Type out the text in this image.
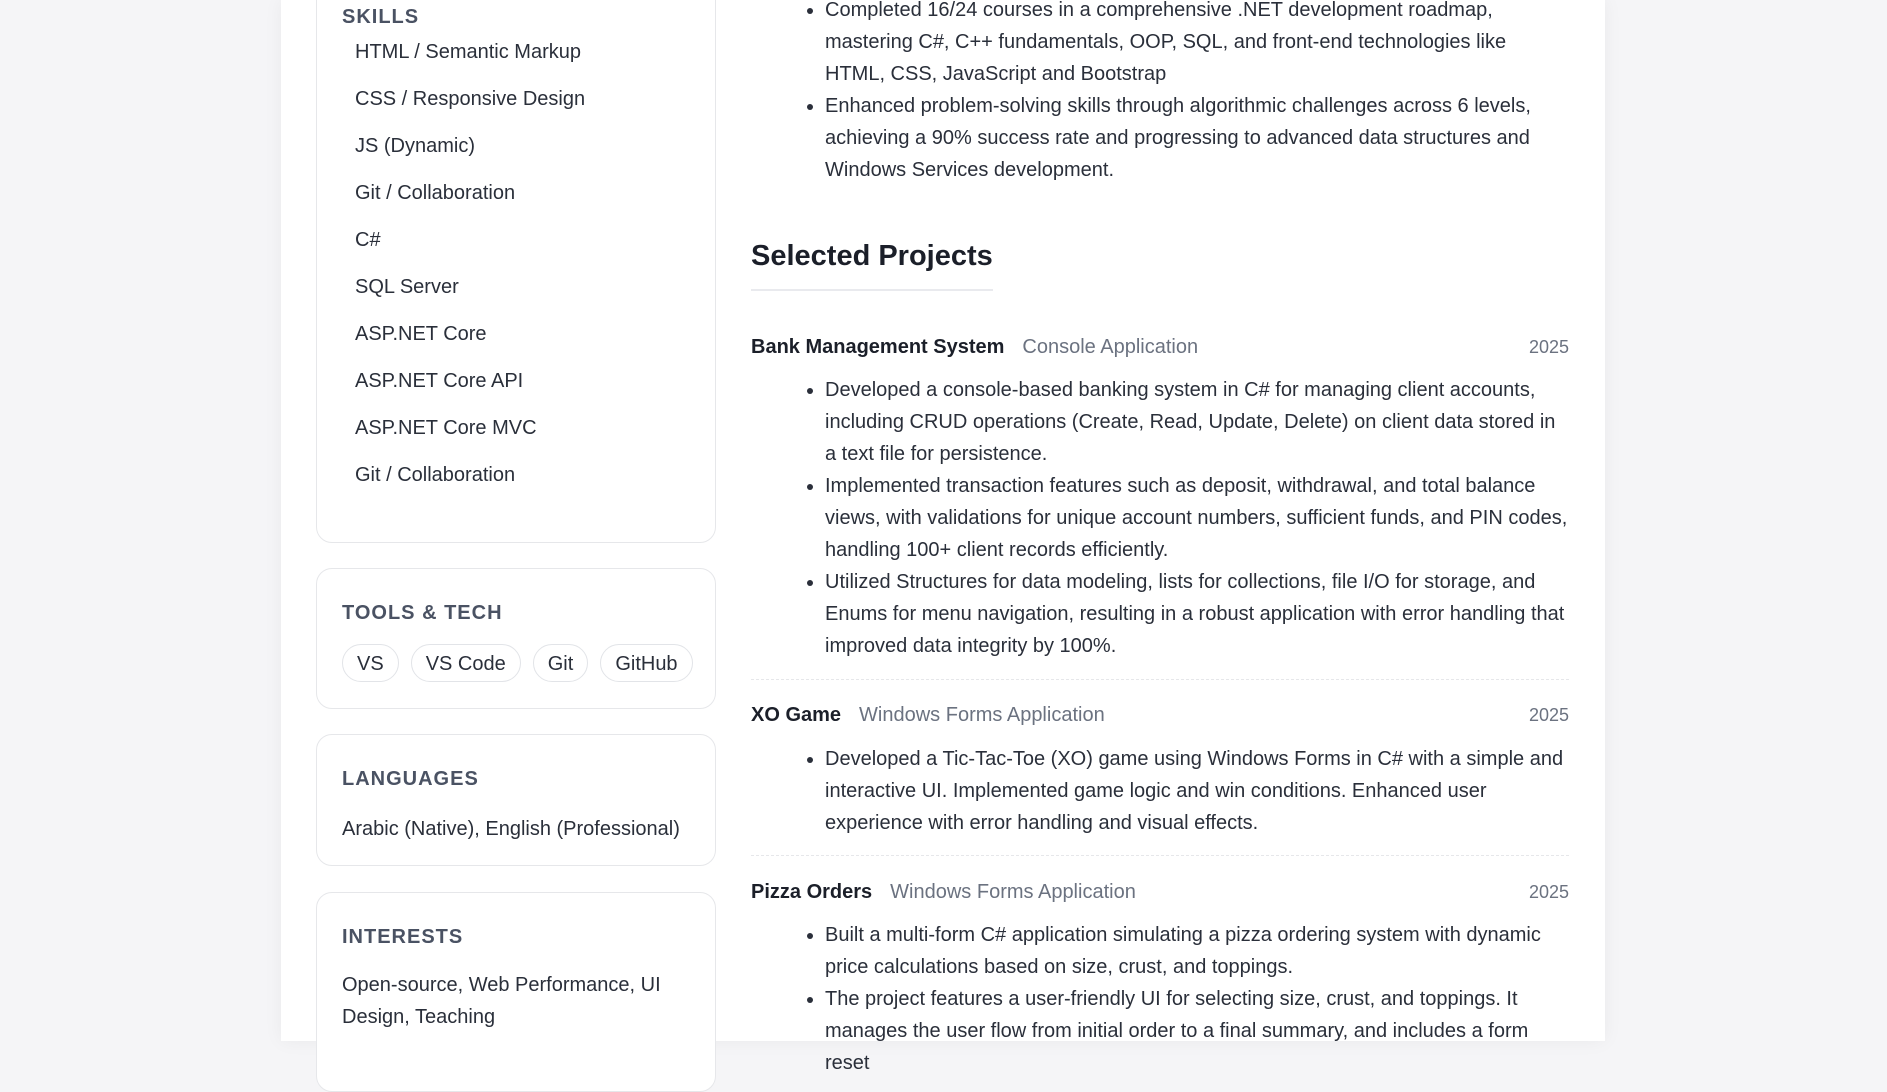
SKILLS
HTML / Semantic Markup
CSS / Responsive Design
JS (Dynamic)
Git / Collaboration
C#
SQL Server
ASP.NET Core
ASP.NET Core API
ASP.NET Core MVC
Git / Collaboration
TOOLS & TECH
VS	VS Code	Git	GitHub
LANGUAGES

Arabic (Native), English (Professional)

INTERESTS

Open-source, Web Performance, UI Design, Teaching

• Completed 16/24 courses in a comprehensive .NET development roadmap, mastering C#, C++ fundamentals, OOP, SQL, and front-end technologies like HTML, CSS, JavaScript and Bootstrap
• Enhanced problem-solving skills through algorithmic challenges across 6 levels, achieving a 90% success rate and progressing to advanced data structures and Windows Services development.
Selected Projects
Bank Management System Console Application	2025
• Developed a console-based banking system in C# for managing client accounts, including CRUD operations (Create, Read, Update, Delete) on client data stored in a text file for persistence.
• Implemented transaction features such as deposit, withdrawal, and total balance views, with validations for unique account numbers, sufficient funds, and PIN codes, handling 100+ client records efficiently.
• Utilized Structures for data modeling, lists for collections, file I/O for storage, and Enums for menu navigation, resulting in a robust application with error handling that improved data integrity by 100%.
XO Game Windows Forms Application	2025
• Developed a Tic-Tac-Toe (XO) game using Windows Forms in C# with a simple and interactive UI. Implemented game logic and win conditions. Enhanced user experience with error handling and visual effects.
Pizza Orders Windows Forms Application	2025
• Built a multi-form C# application simulating a pizza ordering system with dynamic price calculations based on size, crust, and toppings.
• The project features a user-friendly UI for selecting size, crust, and toppings. It manages the user flow from initial order to a final summary, and includes a form reset
